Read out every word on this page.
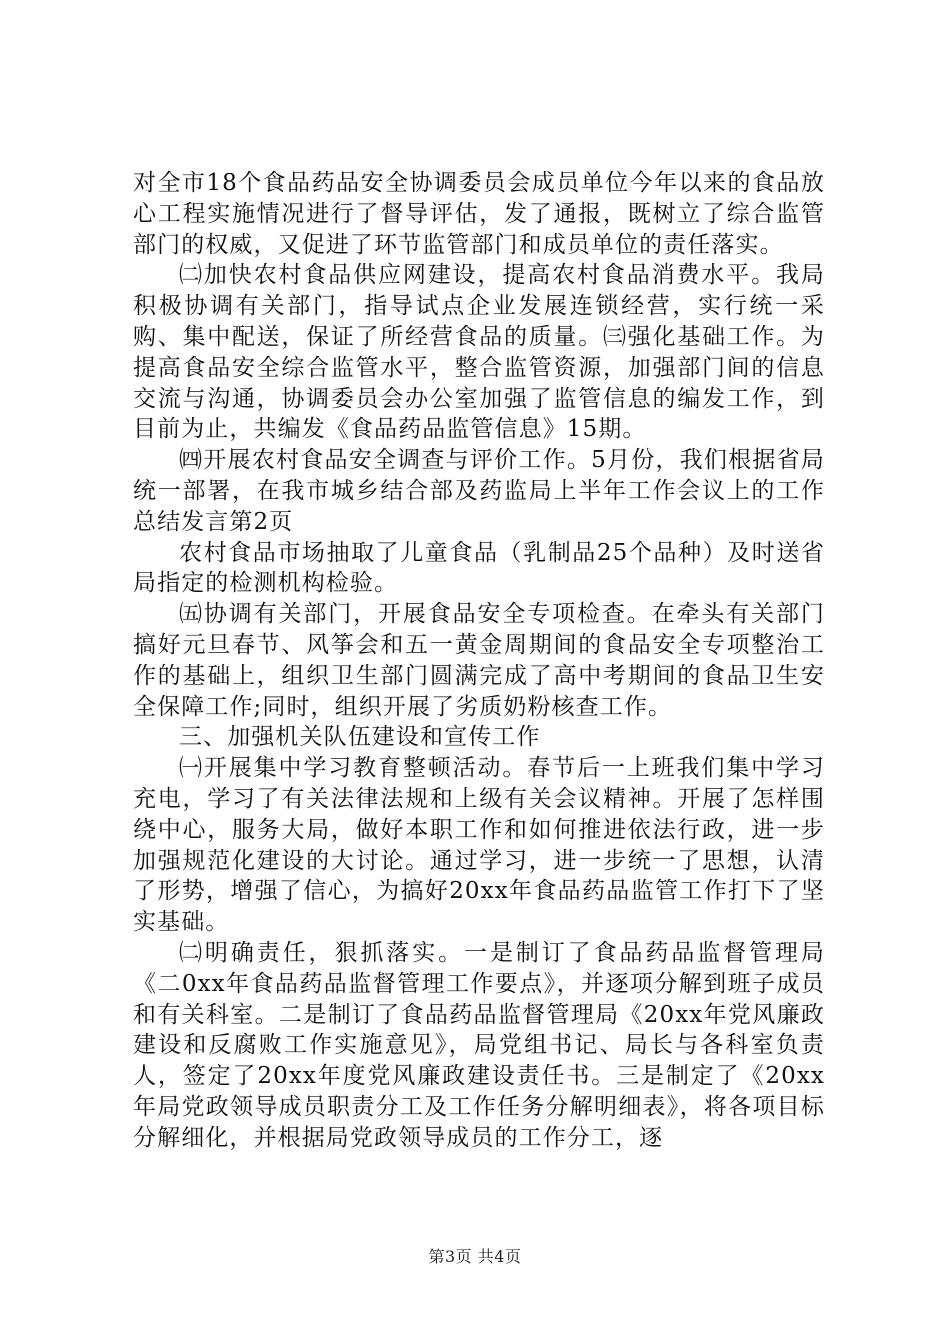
对全市18个食品药品安全协调委员会成员单位今年以来的食品放心工程实施情况进行了督导评估，发了通报，既树立了综合监管部门的权威，又促进了环节监管部门和成员单位的责任落实。

㈡加快农村食品供应网建设，提高农村食品消费水平。我局积极协调有关部门，指导试点企业发展连锁经营，实行统一采购、集中配送，保证了所经营食品的质量。㈢强化基础工作。为提高食品安全综合监管水平，整合监管资源，加强部门间的信息交流与沟通，协调委员会办公室加强了监管信息的编发工作，到目前为止，共编发《食品药品监管信息》15期。

㈣开展农村食品安全调查与评价工作。5月份，我们根据省局统一部署，在我市城乡结合部及药监局上半年工作会议上的工作总结发言第2页

农村食品市场抽取了儿童食品（乳制品25个品种）及时送省局指定的检测机构检验。

㈤协调有关部门，开展食品安全专项检查。在牵头有关部门搞好元旦春节、风筝会和五一黄金周期间的食品安全专项整治工作的基础上，组织卫生部门圆满完成了高中考期间的食品卫生安全保障工作;同时，组织开展了劣质奶粉核查工作。

三、加强机关队伍建设和宣传工作

㈠开展集中学习教育整顿活动。春节后一上班我们集中学习充电，学习了有关法律法规和上级有关会议精神。开展了怎样围绕中心，服务大局，做好本职工作和如何推进依法行政，进一步加强规范化建设的大讨论。通过学习，进一步统一了思想，认清了形势，增强了信心，为搞好20xx年食品药品监管工作打下了坚实基础。

㈡明确责任，狠抓落实。一是制订了食品药品监督管理局《二0xx年食品药品监督管理工作要点》，并逐项分解到班子成员和有关科室。二是制订了食品药品监督管理局《20xx年党风廉政建设和反腐败工作实施意见》，局党组书记、局长与各科室负责人，签定了20xx年度党风廉政建设责任书。三是制定了《20xx年局党政领导成员职责分工及工作任务分解明细表》，将各项目标分解细化，并根据局党政领导成员的工作分工，逐

第3页 共4页
